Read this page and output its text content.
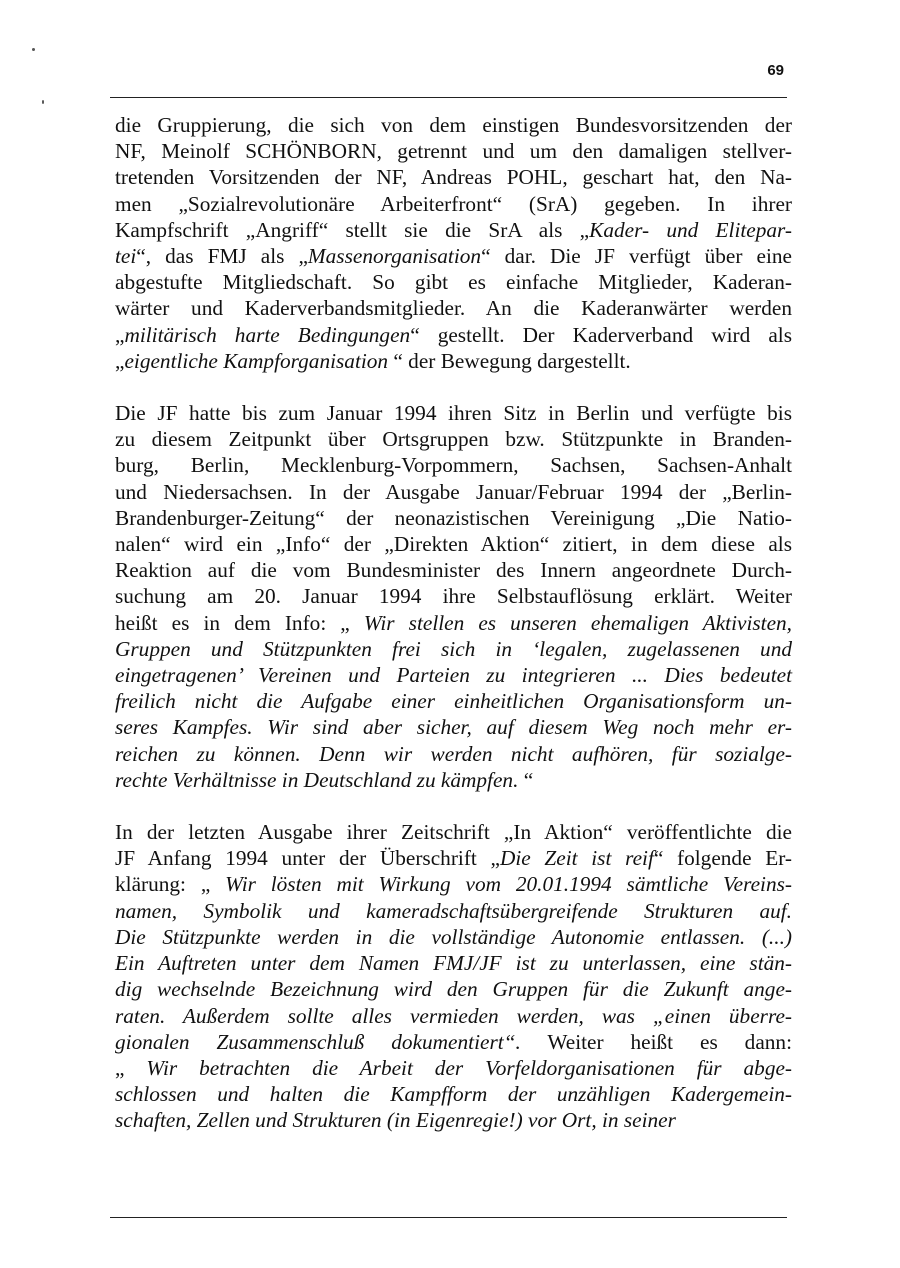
69

die Gruppierung, die sich von dem einstigen Bundesvorsitzenden der

NF, Meinolf SCHÖNBORN, getrennt und um den damaligen stellver-

tretenden Vorsitzenden der NF, Andreas POHL, geschart hat, den Na-

men „Sozialrevolutionäre Arbeiterfront“ (SrA) gegeben. In ihrer

Kampfschrift „Angriff“ stellt sie die SrA als „Kader- und Elitepar-

tei“, das FMJ als „Massenorganisation“ dar. Die JF verfügt über eine

abgestufte Mitgliedschaft. So gibt es einfache Mitglieder, Kaderan-

wärter und Kaderverbandsmitglieder. An die Kaderanwärter werden

„militärisch harte Bedingungen“ gestellt. Der Kaderverband wird als

„eigentliche Kampforganisation “ der Bewegung dargestellt.

Die JF hatte bis zum Januar 1994 ihren Sitz in Berlin und verfügte bis

zu diesem Zeitpunkt über Ortsgruppen bzw. Stützpunkte in Branden-

burg, Berlin, Mecklenburg-Vorpommern, Sachsen, Sachsen-Anhalt

und Niedersachsen. In der Ausgabe Januar/Februar 1994 der „Berlin-

Brandenburger-Zeitung“ der neonazistischen Vereinigung „Die Natio-

nalen“ wird ein „Info“ der „Direkten Aktion“ zitiert, in dem diese als

Reaktion auf die vom Bundesminister des Innern angeordnete Durch-

suchung am 20. Januar 1994 ihre Selbstauflösung erklärt. Weiter

heißt es in dem Info: „ Wir stellen es unseren ehemaligen Aktivisten,

Gruppen und Stützpunkten frei sich in ‘legalen, zugelassenen und

eingetragenen’ Vereinen und Parteien zu integrieren ... Dies bedeutet

freilich nicht die Aufgabe einer einheitlichen Organisationsform un-

seres Kampfes. Wir sind aber sicher, auf diesem Weg noch mehr er-

reichen zu können. Denn wir werden nicht aufhören, für sozialge-

rechte Verhältnisse in Deutschland zu kämpfen. “

In der letzten Ausgabe ihrer Zeitschrift „In Aktion“ veröffentlichte die

JF Anfang 1994 unter der Überschrift „Die Zeit ist reif“ folgende Er-

klärung: „ Wir lösten mit Wirkung vom 20.01.1994 sämtliche Vereins-

namen, Symbolik und kameradschaftsübergreifende Strukturen auf.

Die Stützpunkte werden in die vollständige Autonomie entlassen. (...)

Ein Auftreten unter dem Namen FMJ/JF ist zu unterlassen, eine stän-

dig wechselnde Bezeichnung wird den Gruppen für die Zukunft ange-

raten. Außerdem sollte alles vermieden werden, was „einen überre-

gionalen Zusammenschluß dokumentiert“. Weiter heißt es dann:

„ Wir betrachten die Arbeit der Vorfeldorganisationen für abge-

schlossen und halten die Kampfform der unzähligen Kadergemein-

schaften, Zellen und Strukturen (in Eigenregie!) vor Ort, in seiner
